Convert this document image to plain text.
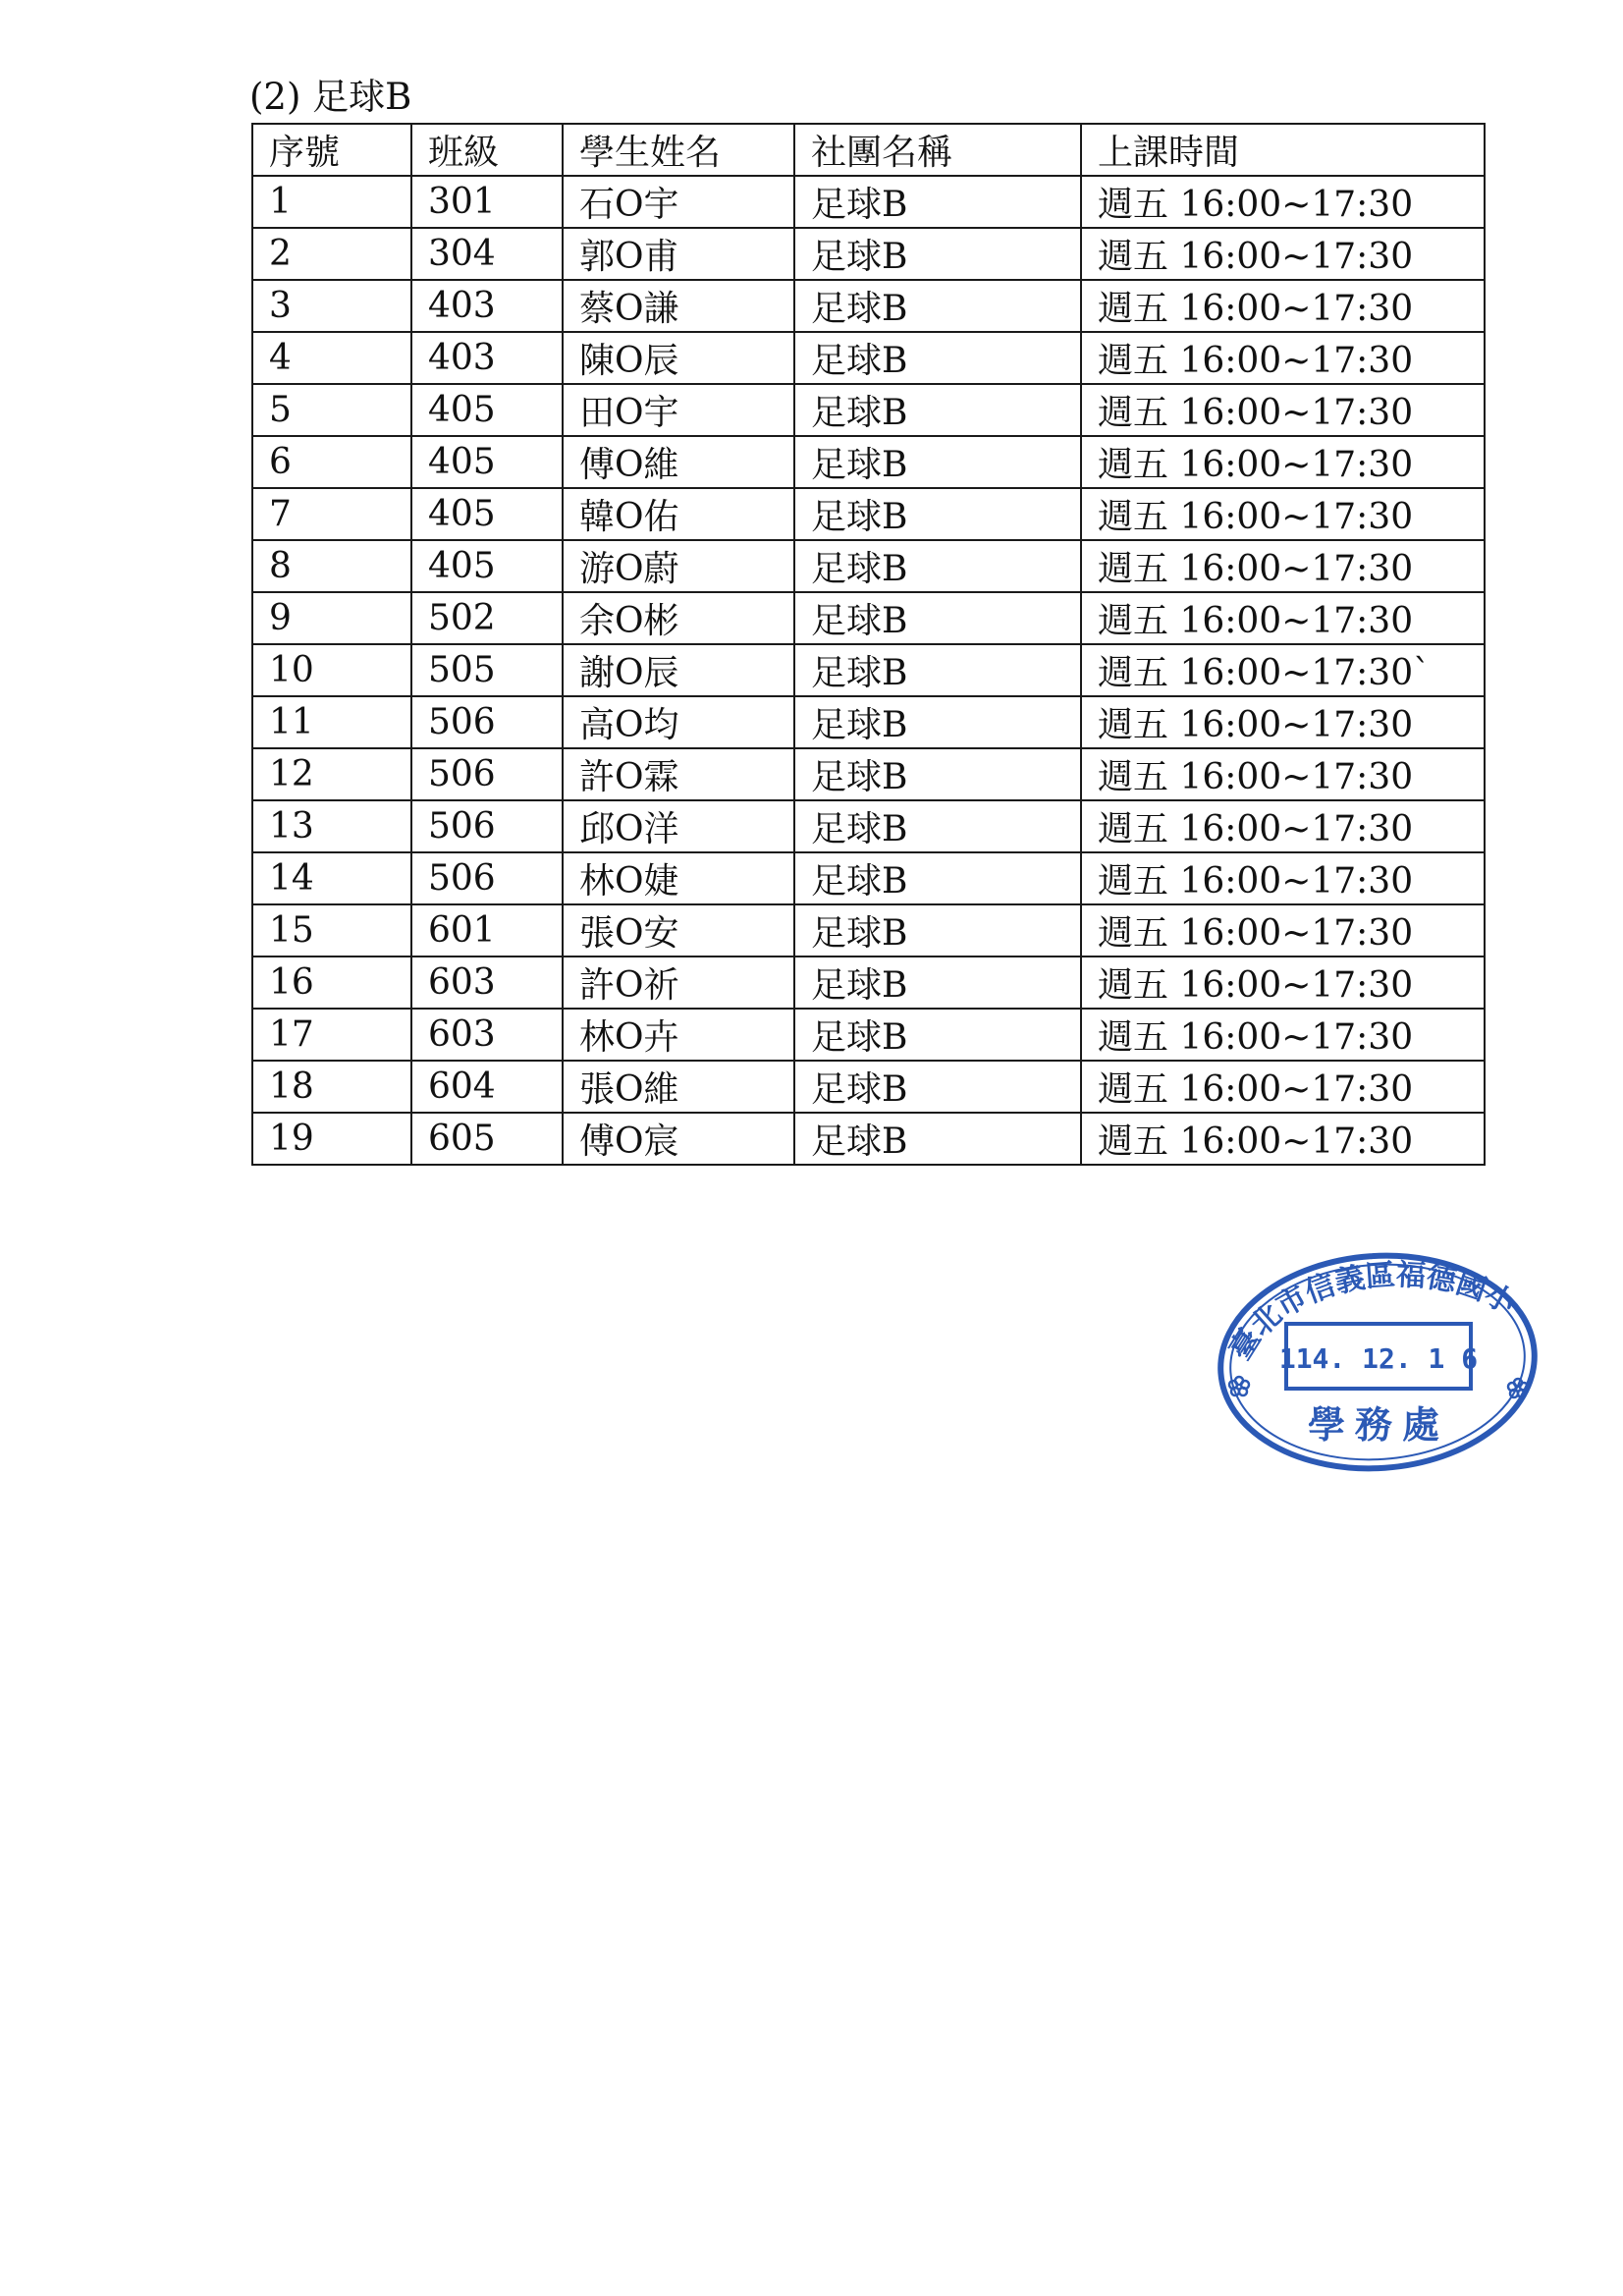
(2) 足球B
序號	班級	學生姓名	社團名稱	上課時間
1	301	石O宇	足球B	週五 16:00~17:30
2	304	郭O甫	足球B	週五 16:00~17:30
3	403	蔡O謙	足球B	週五 16:00~17:30
4	403	陳O辰	足球B	週五 16:00~17:30
5	405	田O宇	足球B	週五 16:00~17:30
6	405	傅O維	足球B	週五 16:00~17:30
7	405	韓O佑	足球B	週五 16:00~17:30
8	405	游O蔚	足球B	週五 16:00~17:30
9	502	余O彬	足球B	週五 16:00~17:30
10	505	謝O辰	足球B	週五 16:00~17:30`
11	506	高O均	足球B	週五 16:00~17:30
12	506	許O霖	足球B	週五 16:00~17:30
13	506	邱O洋	足球B	週五 16:00~17:30
14	506	林O婕	足球B	週五 16:00~17:30
15	601	張O安	足球B	週五 16:00~17:30
16	603	許O祈	足球B	週五 16:00~17:30
17	603	林O卉	足球B	週五 16:00~17:30
18	604	張O維	足球B	週五 16:00~17:30
19	605	傅O宸	足球B	週五 16:00~17:30
臺北市信義區福德國小
114. 12. 1 6
學務處
